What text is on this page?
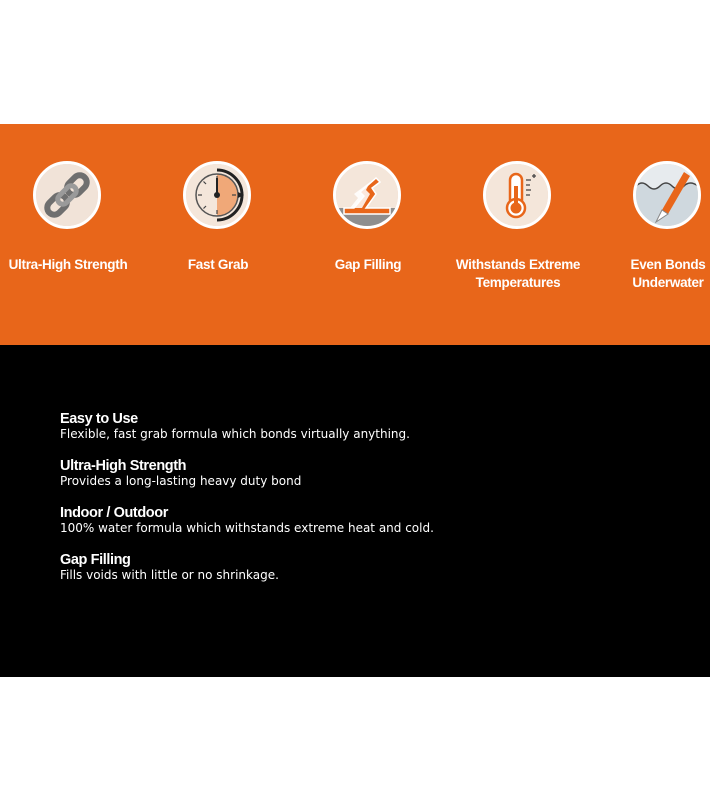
Ultra-High Strength	Fast Grab	Gap Filling	Withstands Extreme
Temperatures
Even Bonds
Underwater
Easy to Use
Flexible, fast grab formula which bonds virtually anything.
Ultra-High Strength
Provides a long-lasting heavy duty bond
Indoor / Outdoor
100% water formula which withstands extreme heat and cold.
Gap Filling
Fills voids with little or no shrinkage.
